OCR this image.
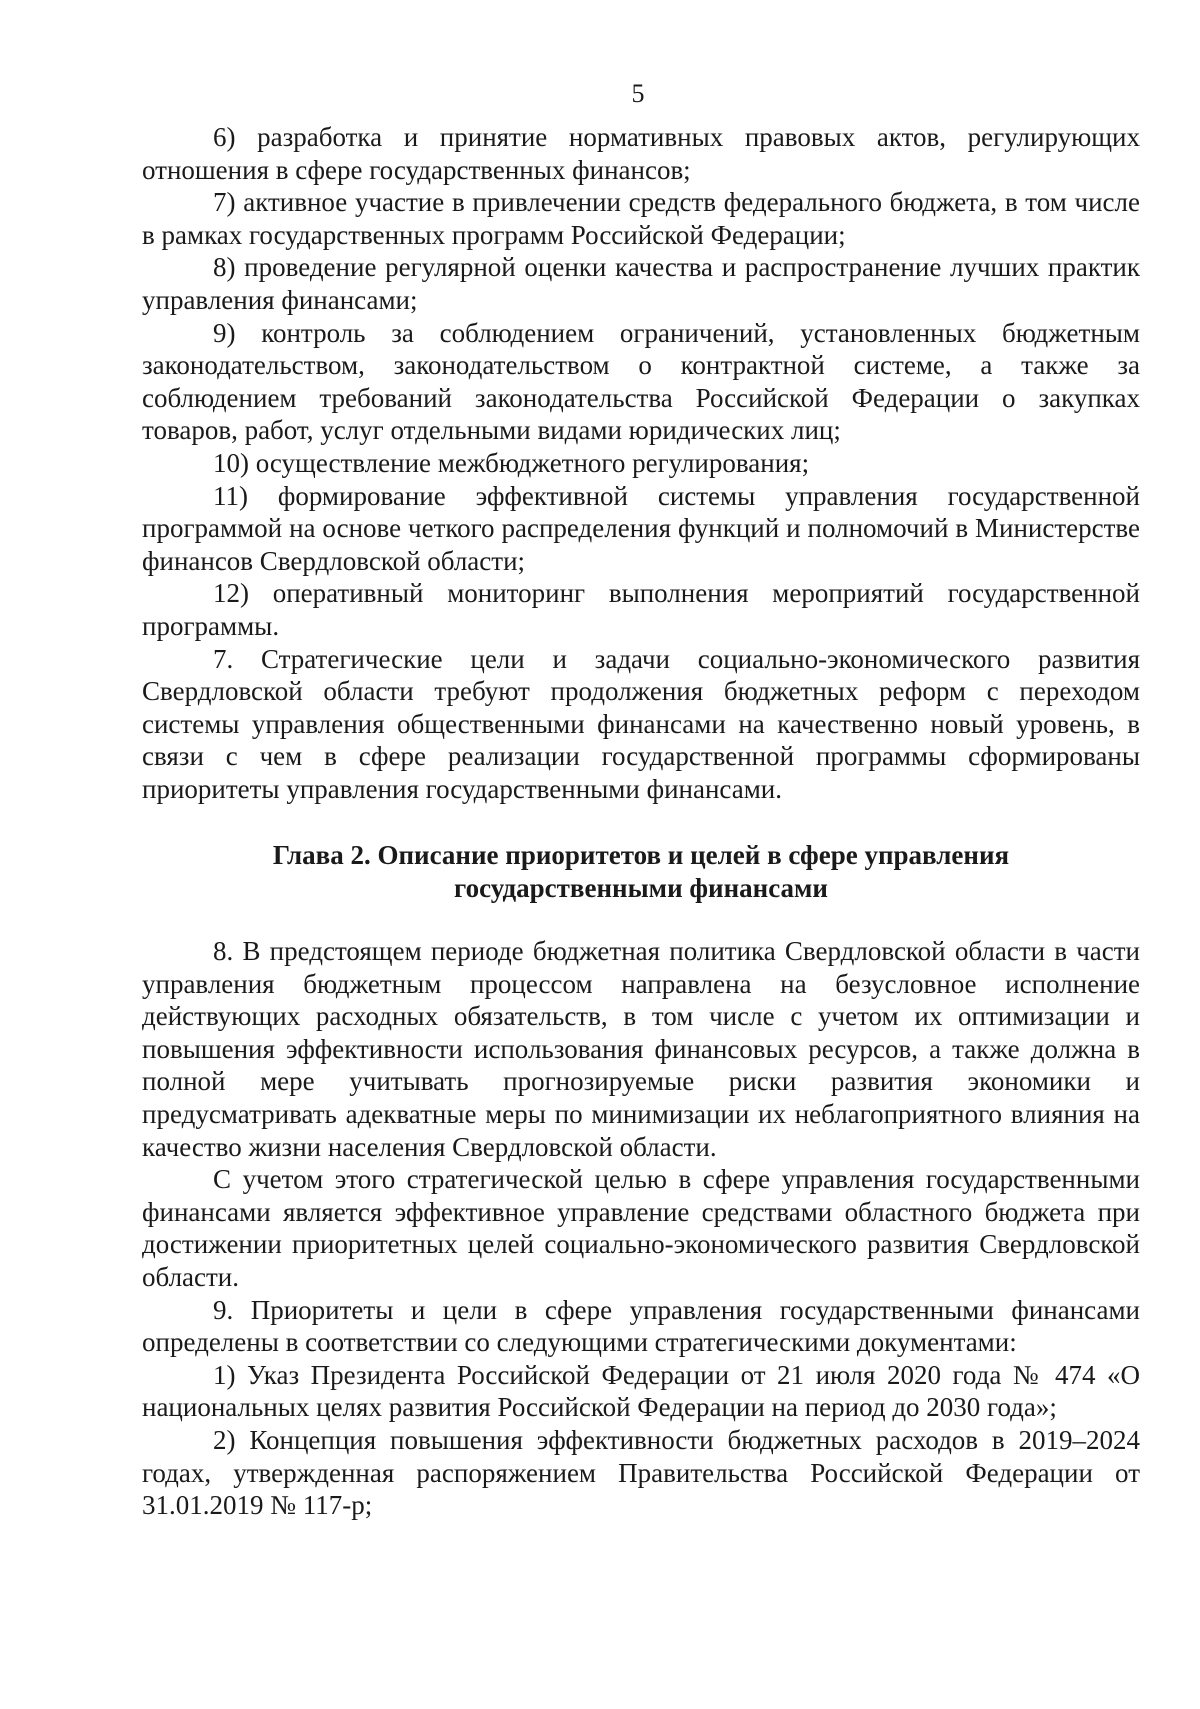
5

6) разработка и принятие нормативных правовых актов, регулирующих отношения в сфере государственных финансов;

7) активное участие в привлечении средств федерального бюджета, в том числе в рамках государственных программ Российской Федерации;

8) проведение регулярной оценки качества и распространение лучших практик управления финансами;

9) контроль за соблюдением ограничений, установленных бюджетным законодательством, законодательством о контрактной системе, а также за соблюдением требований законодательства Российской Федерации о закупках товаров, работ, услуг отдельными видами юридических лиц;

10) осуществление межбюджетного регулирования;

11) формирование эффективной системы управления государственной программой на основе четкого распределения функций и полномочий в Министерстве финансов Свердловской области;

12) оперативный мониторинг выполнения мероприятий государственной программы.

7. Стратегические цели и задачи социально-экономического развития Свердловской области требуют продолжения бюджетных реформ с переходом системы управления общественными финансами на качественно новый уровень, в связи с чем в сфере реализации государственной программы сформированы приоритеты управления государственными финансами.

Глава 2. Описание приоритетов и целей в сфере управления
государственными финансами

8. В предстоящем периоде бюджетная политика Свердловской области в части управления бюджетным процессом направлена на безусловное исполнение действующих расходных обязательств, в том числе с учетом их оптимизации и повышения эффективности использования финансовых ресурсов, а также должна в полной мере учитывать прогнозируемые риски развития экономики и предусматривать адекватные меры по минимизации их неблагоприятного влияния на качество жизни населения Свердловской области.

С учетом этого стратегической целью в сфере управления государственными финансами является эффективное управление средствами областного бюджета при достижении приоритетных целей социально-экономического развития Свердловской области.

9. Приоритеты и цели в сфере управления государственными финансами определены в соответствии со следующими стратегическими документами:

1) Указ Президента Российской Федерации от 21 июля 2020 года № 474 «О национальных целях развития Российской Федерации на период до 2030 года»;

2) Концепция повышения эффективности бюджетных расходов в 2019–2024 годах, утвержденная распоряжением Правительства Российской Федерации от 31.01.2019 № 117-р;
